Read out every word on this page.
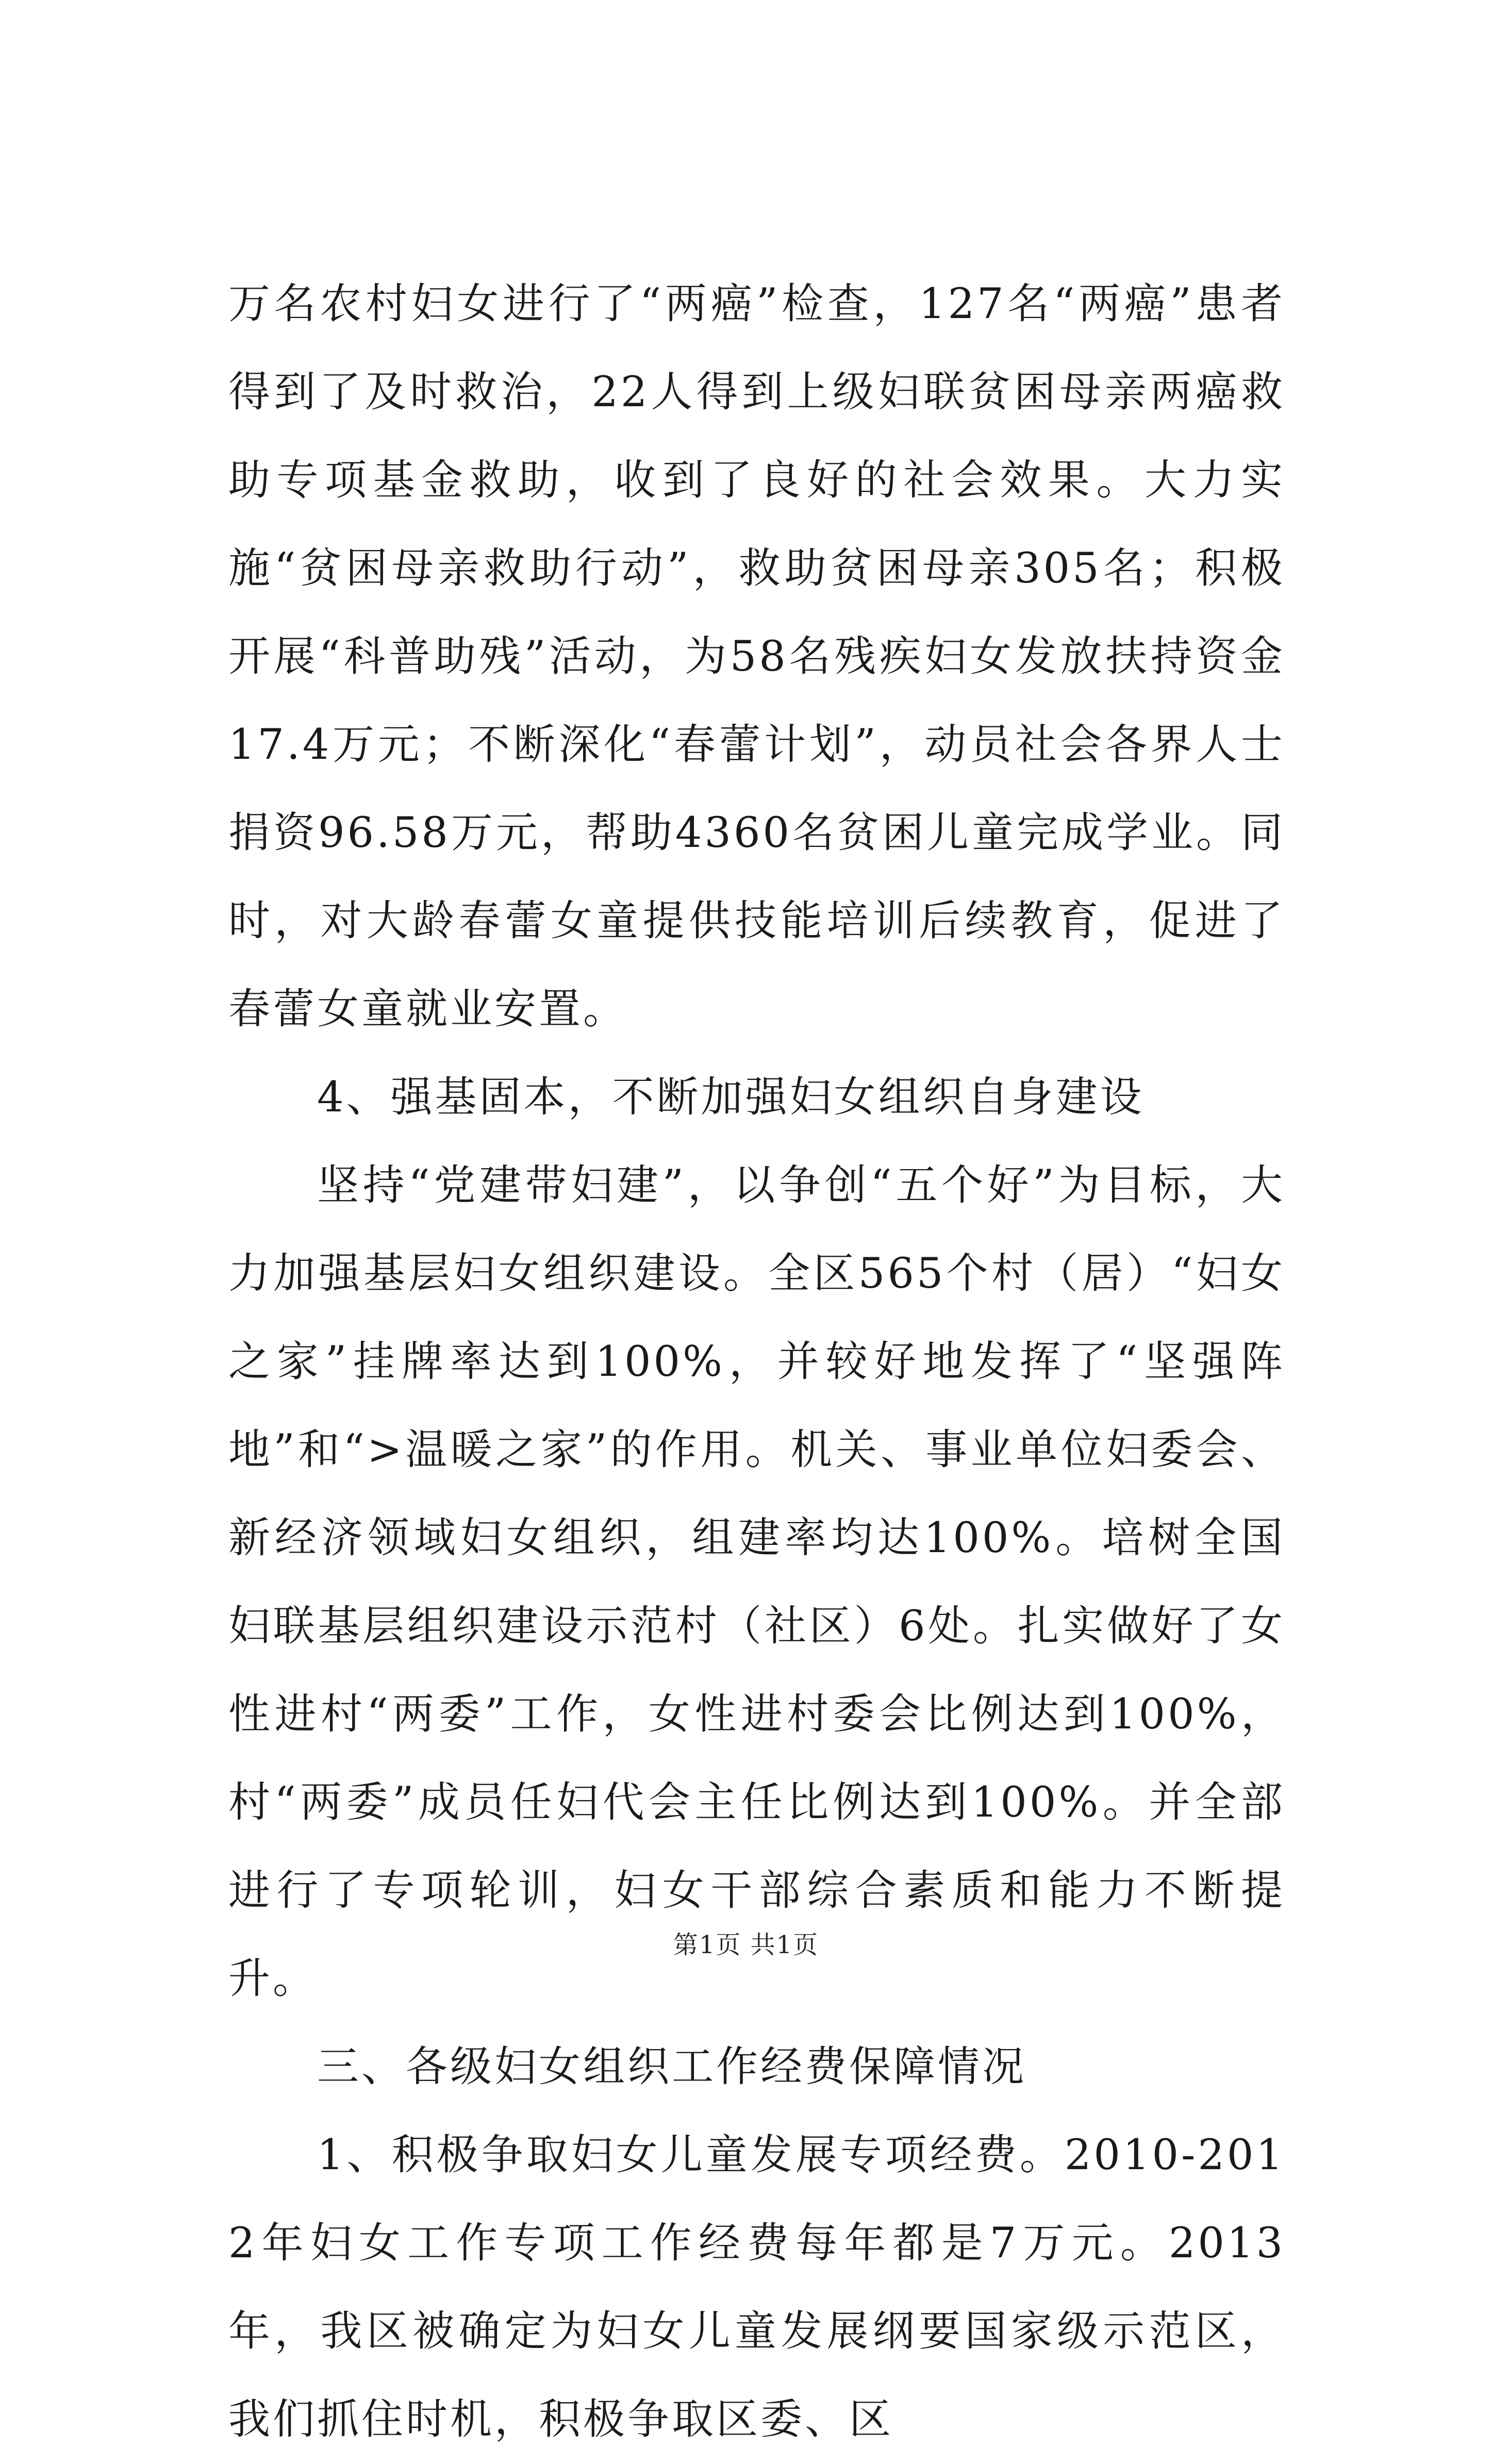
万名农村妇女进行了“两癌”检查，127名“两癌”患者得到了及时救治，22人得到上级妇联贫困母亲两癌救助专项基金救助，收到了良好的社会效果。大力实施“贫困母亲救助行动”，救助贫困母亲305名；积极开展“科普助残”活动，为58名残疾妇女发放扶持资金17.4万元；不断深化“春蕾计划”，动员社会各界人士捐资96.58万元，帮助4360名贫困儿童完成学业。同时，对大龄春蕾女童提供技能培训后续教育，促进了春蕾女童就业安置。

4、强基固本，不断加强妇女组织自身建设

坚持“党建带妇建”，以争创“五个好”为目标，大力加强基层妇女组织建设。全区565个村（居）“妇女之家”挂牌率达到100%，并较好地发挥了“坚强阵地”和“>温暖之家”的作用。机关、事业单位妇委会、新经济领域妇女组织，组建率均达100%。培树全国妇联基层组织建设示范村（社区）6处。扎实做好了女性进村“两委”工作，女性进村委会比例达到100%，村“两委”成员任妇代会主任比例达到100%。并全部进行了专项轮训，妇女干部综合素质和能力不断提升。

三、各级妇女组织工作经费保障情况

1、积极争取妇女儿童发展专项经费。2010-2012年妇女工作专项工作经费每年都是7万元。2013年，我区被确定为妇女儿童发展纲要国家级示范区，我们抓住时机，积极争取区委、区

第1页 共1页
